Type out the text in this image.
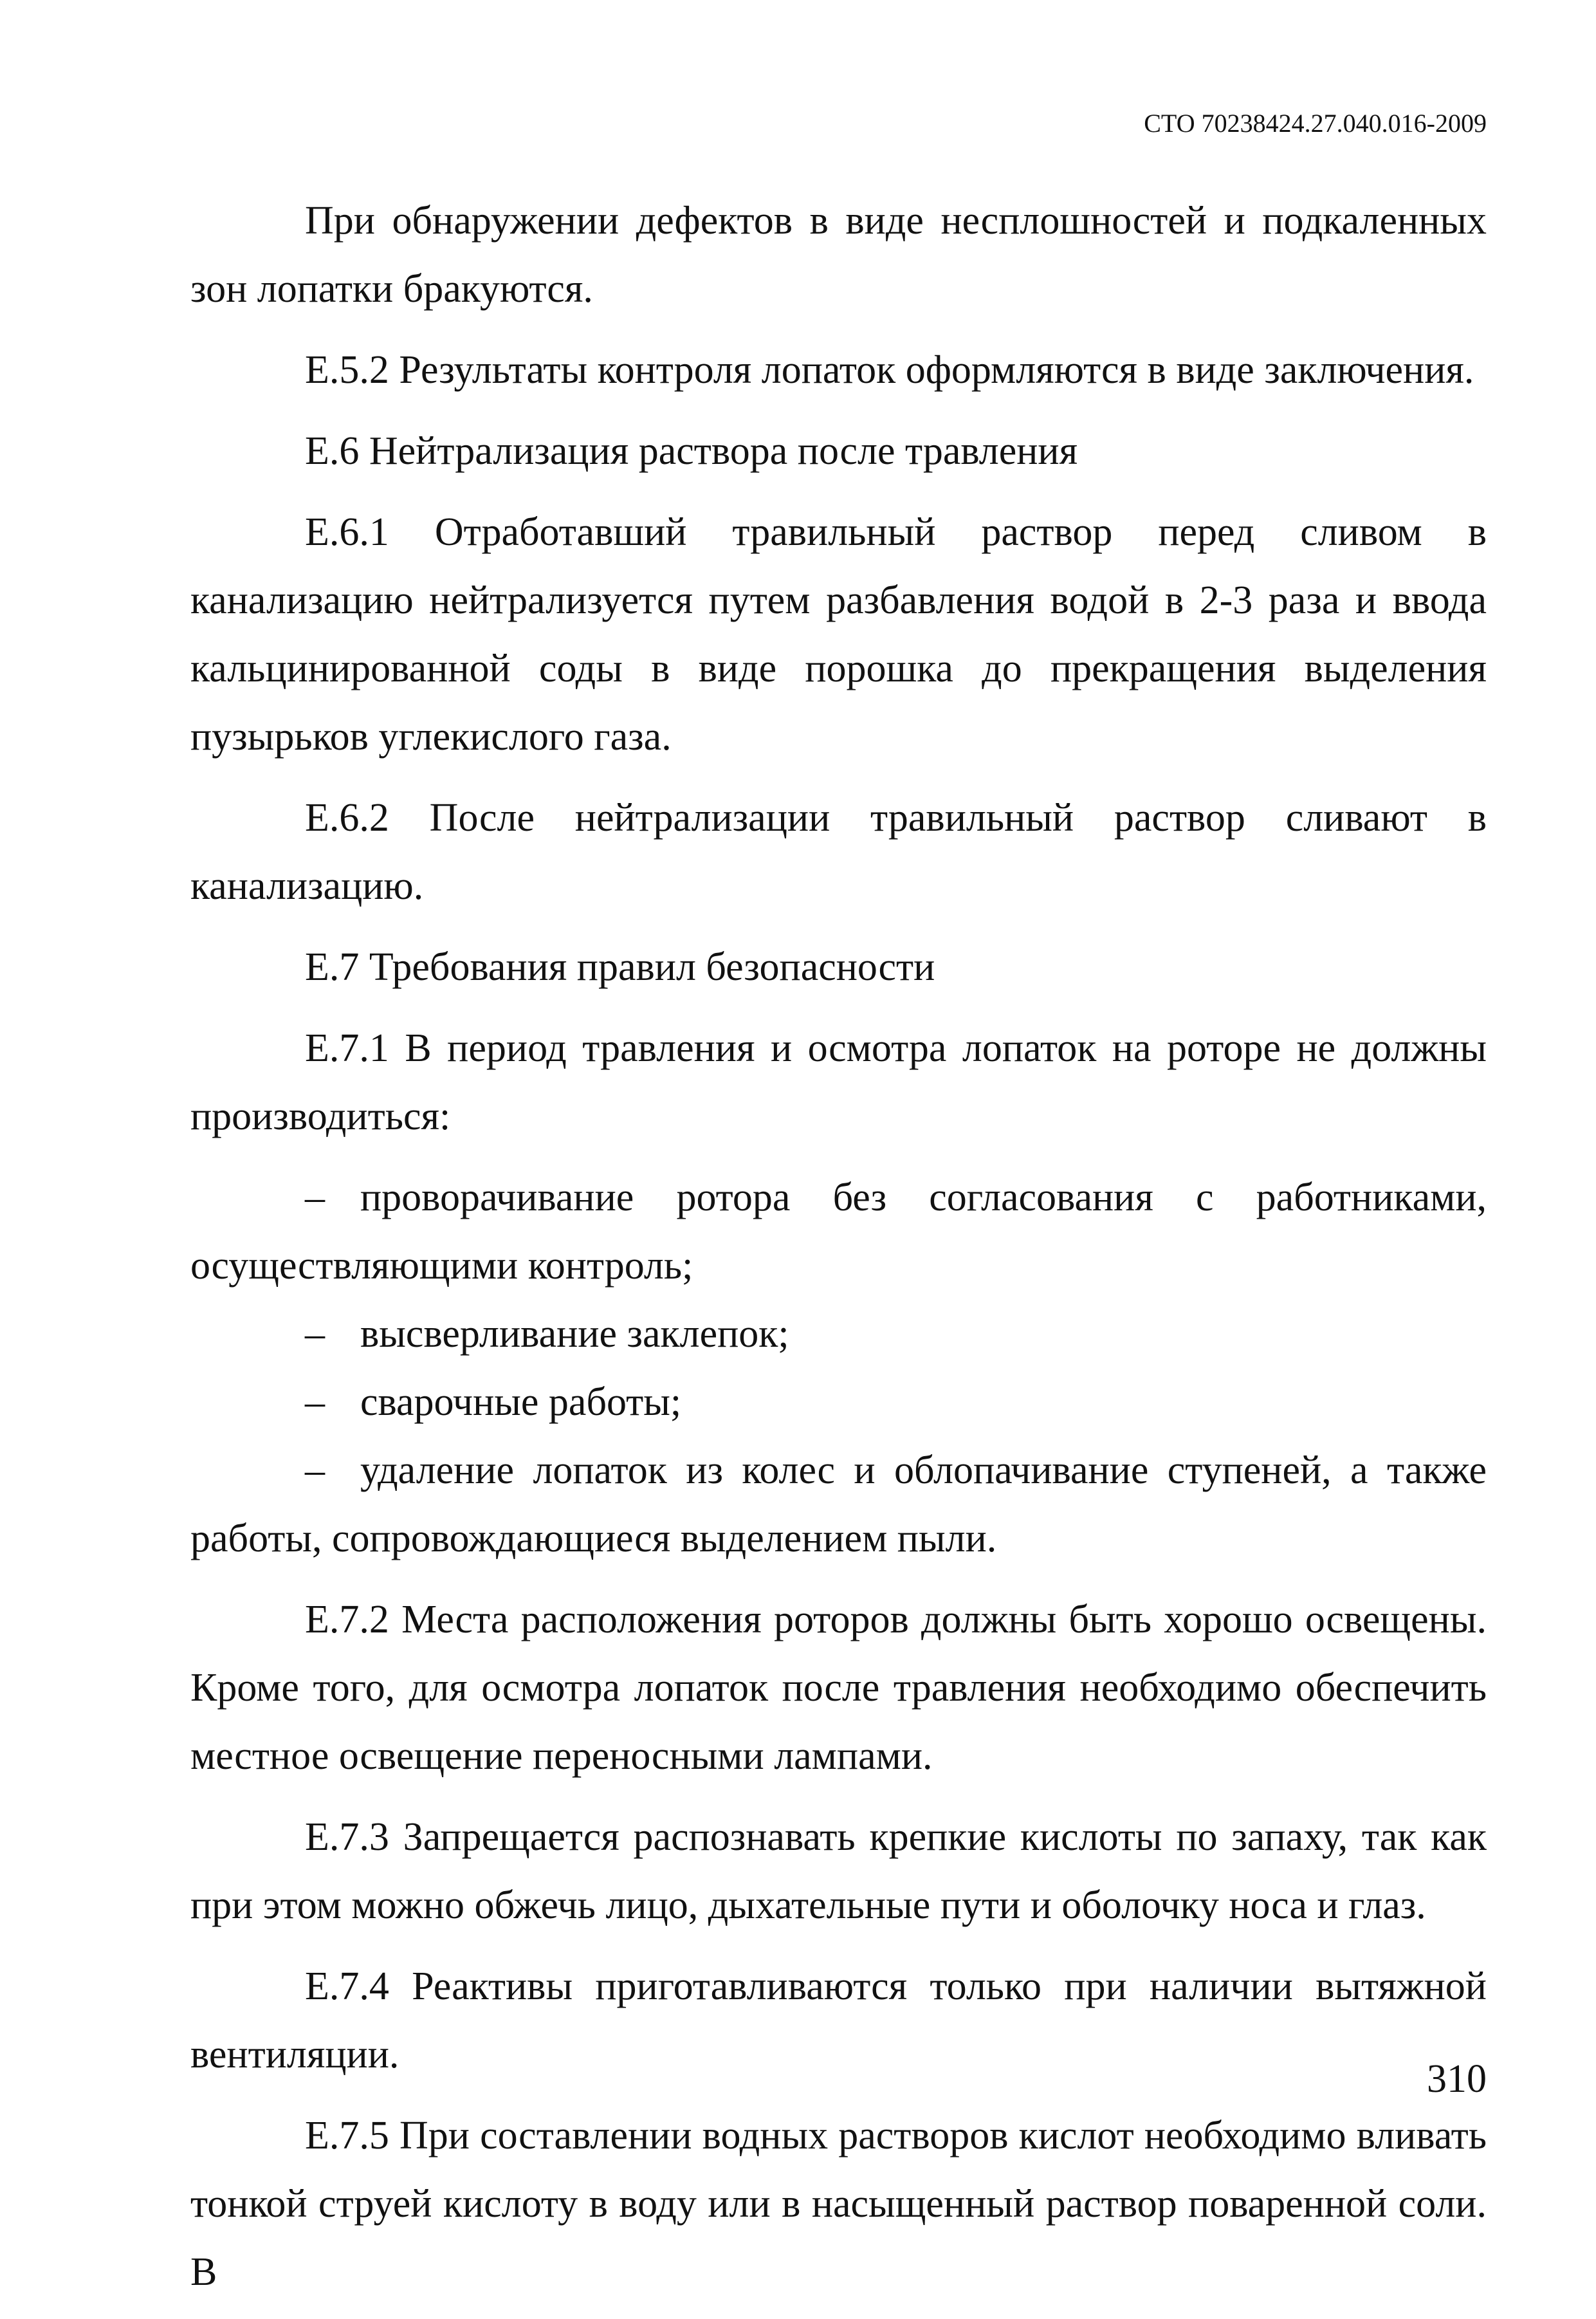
СТО 70238424.27.040.016-2009

При обнаружении дефектов в виде несплошностей и подкаленных зон лопатки бракуются.

Е.5.2 Результаты контроля лопаток оформляются в виде заключения.

Е.6 Нейтрализация раствора после травления

Е.6.1 Отработавший травильный раствор перед сливом в канализацию нейтрализуется путем разбавления водой в 2-3 раза и ввода кальцинированной соды в виде порошка до прекращения выделения пузырьков углекислого газа.

Е.6.2 После нейтрализации травильный раствор сливают в канализацию.

Е.7 Требования правил безопасности

Е.7.1 В период травления и осмотра лопаток на роторе не должны производиться:

– проворачивание ротора без согласования с работниками, осуществляющими контроль;

– высверливание заклепок;

– сварочные работы;

– удаление лопаток из колес и облопачивание ступеней, а также работы, сопровождающиеся выделением пыли.

Е.7.2 Места расположения роторов должны быть хорошо освещены. Кроме того, для осмотра лопаток после травления необходимо обеспечить местное освещение переносными лампами.

Е.7.3 Запрещается распознавать крепкие кислоты по запаху, так как при этом можно обжечь лицо, дыхательные пути и оболочку носа и глаз.

Е.7.4 Реактивы приготавливаются только при наличии вытяжной вентиляции.

Е.7.5 При составлении водных растворов кислот необходимо вливать тонкой струей кислоту в воду или в насыщенный раствор поваренной соли. В

310
